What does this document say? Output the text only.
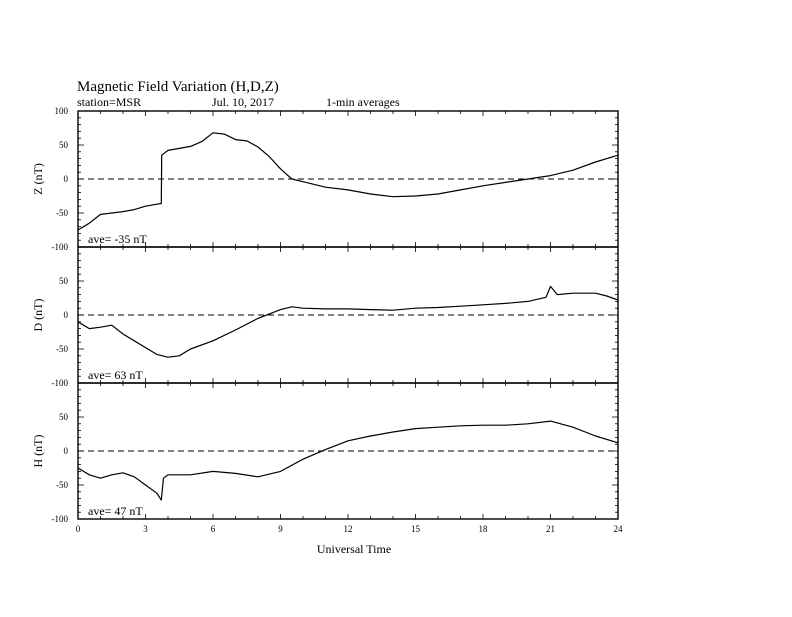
Magnetic Field Variation (H,D,Z)
station=MSR	Jul. 10, 2017	1-min averages
Universal Time
100
50
0
-50
-100
Z (nT)
ave= -35 nT
50
0
-50
-100
D (nT)
ave= 63 nT
50
0
-50
-100
H (nT)
ave= 47 nT
0	3	6	9	12	15	18	21	24
